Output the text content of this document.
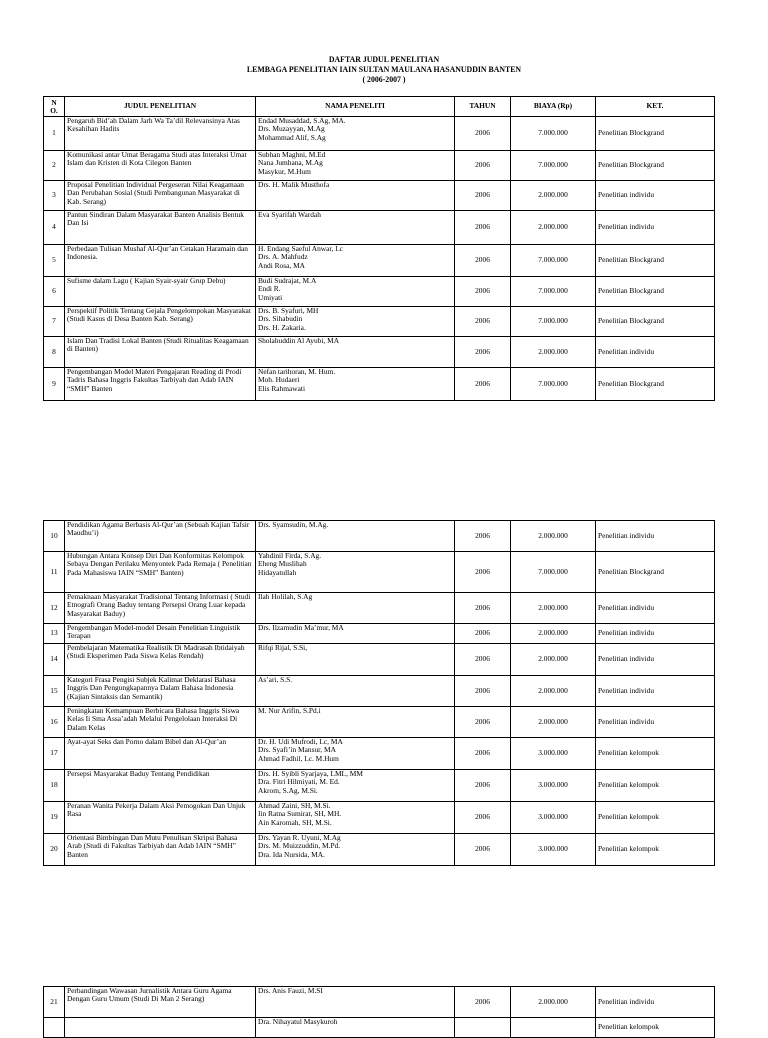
DAFTAR JUDUL PENELITIAN
LEMBAGA PENELITIAN IAIN SULTAN MAULANA HASANUDDIN BANTEN
( 2006-2007 )
N
O.	JUDUL PENELITIAN	NAMA PENELITI	TAHUN	BIAYA (Rp)	KET.
1	Pengaruh Bid’ah Dalam Jarh Wa Ta’dil Relevansinya Atas Kesahihan Hadits	Endad Musaddad, S.Ag, MA.
Drs. Muzayyan, M.Ag
Mohammad Alif, S.Ag	2006	7.000.000	Penelitian Blockgrand
2	Komunikasi antar Umat Beragama Studi atas Interaksi Umat Islam dan Kristen di Kota Cilegon Banten	Subhan Maghni, M.Ed
Nana Jumhana, M.Ag
Masykur, M.Hum	2006	7.000.000	Penelitian Blockgrand
3	Proposal Penelitian Individual Pergeseran Nilai Keagamaan Dan Perubahan Sosial (Studi Pembangunan Masyarakat di Kab. Serang)	Drs. H. Malik Musthofa	2006	2.000.000	Penelitian individu
4	Pantun Sindiran Dalam Masyarakat Banten Analisis Bentuk Dan Isi	Eva Syarifah Wardah	2006	2.000.000	Penelitian individu
5	Perbedaan Tulisan Mushaf Al-Qur’an Cetakan Haramain dan Indonesia.	H. Endang Saeful Anwar, Lc
Drs. A. Mahfudz
Andi Rosa, MA	2006	7.000.000	Penelitian Blockgrand
6	Sufisme dalam Lagu ( Kajian Syair-syair Grup Debu)	Budi Sudrajat, M.A
Endi R.
Umiyati	2006	7.000.000	Penelitian Blockgrand
7	Perspektif Politik Tentang Gejala Pengelompokan Masyarakat (Studi Kasus di Desa Banten Kab. Serang)	Drs. B. Syafuri, MH
Drs. Sihabudin
Drs. H. Zakaria.	2006	7.000.000	Penelitian Blockgrand
8	Islam Dan Tradisi Lokal Banten (Studi Ritualitas Keagamaan di Banten)	Sholahuddin Al Ayubi, MA	2006	2.000.000	Penelitian individu
9	Pengembangan Model Materi Pengajaran Reading di Prodi Tadris Bahasa Inggris Fakultas Tarbiyah dan Adab IAIN “SMH” Banten	Nefan tarihoran, M. Hum.
Moh. Hudaeri
Elis Rahmawati	2006	7.000.000	Penelitian Blockgrand
10	Pendidikan Agama Berbasis Al-Qur’an (Sebuah Kajian Tafsir Maudhu’i)	Drs. Syamsudin, M.Ag.	2006	2.000.000	Penelitian individu
11	Hubungan Antara Konsep Diri Dan Konformitas Kelompok Sebaya Dengan Perilaku Menyontek Pada Remaja ( Penelitian Pada Mahasiswa IAIN “SMH” Banten)	Yahdinil Firda, S.Ag.
Eheng Muslihah
Hidayatullah	2006	7.000.000	Penelitian Blockgrand
12	Pemaknaan Masyarakat Tradisional Tentang Informasi ( Studi Etnografi Orang Baduy tentang Persepsi Orang Luar kepada Masyarakat Baduy)	Ilah Holilah, S.Ag	2006	2.000.000	Penelitian individu
13	Pengembangan Model-model Desain Penelitian Linguistik Terapan	Drs. Ilzamudin Ma’mur, MA	2006	2.000.000	Penelitian individu
14	Pembelajaran Matematika Realistik Di Madrasah Ibtidaiyah (Studi Eksperimen Pada Siswa Kelas Rendah)	Rifqi Rijal, S.Si,	2006	2.000.000	Penelitian individu
15	Kategori Frasa Pengisi Subjek Kalimat Deklarasi Bahasa Inggris Dan Pengungkapannya Dalam Bahasa Indonesia (Kajian Sintaksis dan Semantik)	As’ari, S.S.	2006	2.000.000	Penelitian individu
16	Peningkatan Kemampuan Berbicara Bahasa Inggris Siswa Kelas Ii Sma Assa’adah Melalui Pengelolaan Interaksi Di Dalam Kelas	M. Nur Arifin, S.Pd.i	2006	2.000.000	Penelitian individu
17	Ayat-ayat Seks dan Porno dalam Bibel dan Al-Qur’an	Dr. H. Udi Mufrodi, Lc, MA
Drs. Syafi’in Mansur, MA
Ahmad Fadhil, Lc. M.Hum	2006	3.000.000	Penelitian kelompok
18	Persepsi Masyarakat Baduy Tentang Pendidikan	Drs. H. Syibli Syarjaya, LML, MM
Dra. Fitri Hilmiyati, M. Ed.
Akrom, S.Ag, M.Si.	2006	3.000.000	Penelitian kelompok
19	Peranan Wanita Pekerja Dalam Aksi Pemogokan Dan Unjuk Rasa	Ahmad Zaini, SH, M.Si.
Iin Ratna Sumirat, SH, MH.
Ain Karomah, SH, M.Si.	2006	3.000.000	Penelitian kelompok
20	Orientasi Bimbingan Dan Mutu Penulisan Skripsi Bahasa Arab (Studi di Fakultas Tarbiyah dan Adab IAIN “SMH” Banten	Drs. Yayan R. Uyuni, M.Ag
Drs. M. Muizzuddin, M.Pd.
Dra. Ida Nursida, MA.	2006	3.000.000	Penelitian kelompok
21	Perbandingan Wawasan Jurnalistik Antara Guru Agama Dengan Guru Umum (Studi Di Man 2 Serang)	Drs. Anis Fauzi, M.SI	2006	2.000.000	Penelitian individu
		Dra. Nihayatul Masykuroh			Penelitian kelompok
